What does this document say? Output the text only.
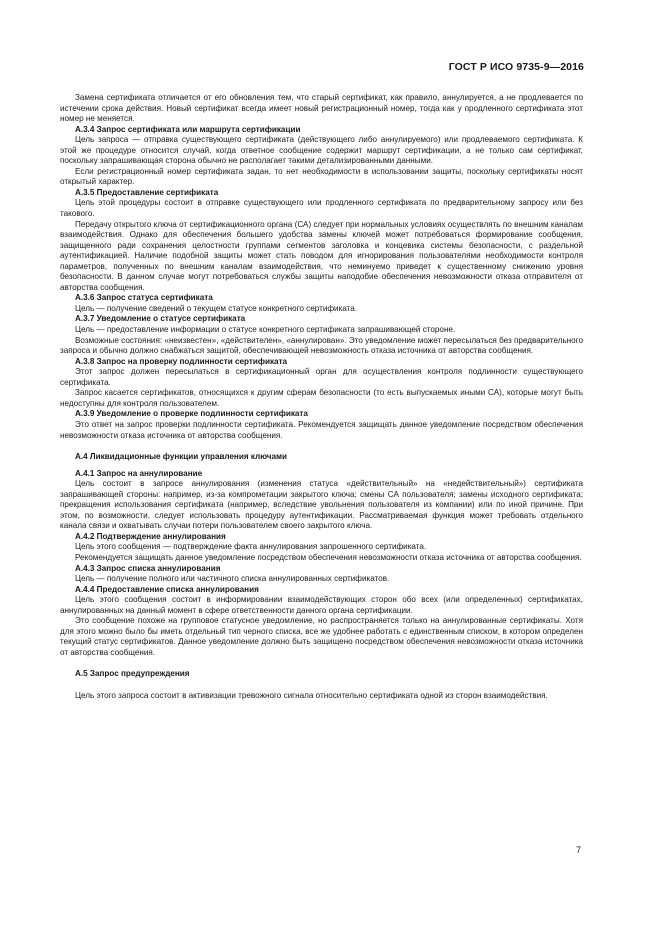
ГОСТ Р ИСО 9735-9—2016

Замена сертификата отличается от его обновления тем, что старый сертификат, как правило, аннулируется, а не продлевается по истечении срока действия. Новый сертификат всегда имеет новый регистрационный номер, тогда как у продленного сертификата этот номер не меняется.

А.3.4 Запрос сертификата или маршрута сертификации

Цель запроса — отправка существующего сертификата (действующего либо аннулируемого) или продлеваемого сертификата. К этой же процедуре относится случай, когда ответное сообщение содержит маршрут сертификации, а не только сам сертификат, поскольку запрашивающая сторона обычно не располагает такими детализированными данными.

Если регистрационный номер сертификата задан, то нет необходимости в использовании защиты, поскольку сертификаты носят открытый характер.

А.3.5 Предоставление сертификата

Цель этой процедуры состоит в отправке существующего или продленного сертификата по предварительному запросу или без такового.

Передачу открытого ключа от сертификационного органа (СА) следует при нормальных условиях осуществлять по внешним каналам взаимодействия. Однако для обеспечения большего удобства замены ключей может потребоваться формирование сообщения, защищенного ради сохранения целостности группами сегментов заголовка и концевика системы безопасности, с раздельной аутентификацией. Наличие подобной защиты может стать поводом для игнорирования пользователями необходимости контроля параметров, полученных по внешним каналам взаимодействия, что неминуемо приведет к существенному снижению уровня безопасности. В данном случае могут потребоваться службы защиты наподобие обеспечения невозможности отказа отправителя от авторства сообщения.

А.3.6 Запрос статуса сертификата

Цель — получение сведений о текущем статусе конкретного сертификата.

А.3.7 Уведомление о статусе сертификата

Цель — предоставление информации о статусе конкретного сертификата запрашивающей стороне.

Возможные состояния: «неизвестен», «действителен», «аннулирован». Это уведомление может пересылаться без предварительного запроса и обычно должно снабжаться защитой, обеспечивающей невозможность отказа источника от авторства сообщения.

А.3.8 Запрос на проверку подлинности сертификата

Этот запрос должен пересылаться в сертификационный орган для осуществления контроля подлинности существующего сертификата.

Запрос касается сертификатов, относящихся к другим сферам безопасности (то есть выпускаемых иными СА), которые могут быть недоступны для контроля пользователем.

А.3.9 Уведомление о проверке подлинности сертификата

Это ответ на запрос проверки подлинности сертификата. Рекомендуется защищать данное уведомление посредством обеспечения невозможности отказа источника от авторства сообщения.

А.4 Ликвидационные функции управления ключами

А.4.1 Запрос на аннулирование

Цель состоит в запросе аннулирования (изменения статуса «действительный» на «недействительный») сертификата запрашивающей стороны: например, из-за компрометации закрытого ключа; смены СА пользователя; замены исходного сертификата; прекращения использования сертификата (например, вследствие увольнения пользователя из компании) или по иной причине. При этом, по возможности, следует использовать процедуру аутентификации. Рассматриваемая функция может требовать отдельного канала связи и охватывать случаи потери пользователем своего закрытого ключа.

А.4.2 Подтверждение аннулирования

Цель этого сообщения — подтверждение факта аннулирования запрошенного сертификата.

Рекомендуется защищать данное уведомление посредством обеспечения невозможности отказа источника от авторства сообщения.

А.4.3 Запрос списка аннулирования

Цель — получение полного или частичного списка аннулированных сертификатов.

А.4.4 Предоставление списка аннулирования

Цель этого сообщения состоит в информировании взаимодействующих сторон обо всех (или определенных) сертификатах, аннулированных на данный момент в сфере ответственности данного органа сертификации.

Это сообщение похоже на групповое статусное уведомление, но распространяется только на аннулированные сертификаты. Хотя для этого можно было бы иметь отдельный тип черного списка, все же удобнее работать с единственным списком, в котором определен текущий статус сертификатов. Данное уведомление должно быть защищено посредством обеспечения невозможности отказа источника от авторства сообщения.

А.5 Запрос предупреждения

Цель этого запроса состоит в активизации тревожного сигнала относительно сертификата одной из сторон взаимодействия.

7
